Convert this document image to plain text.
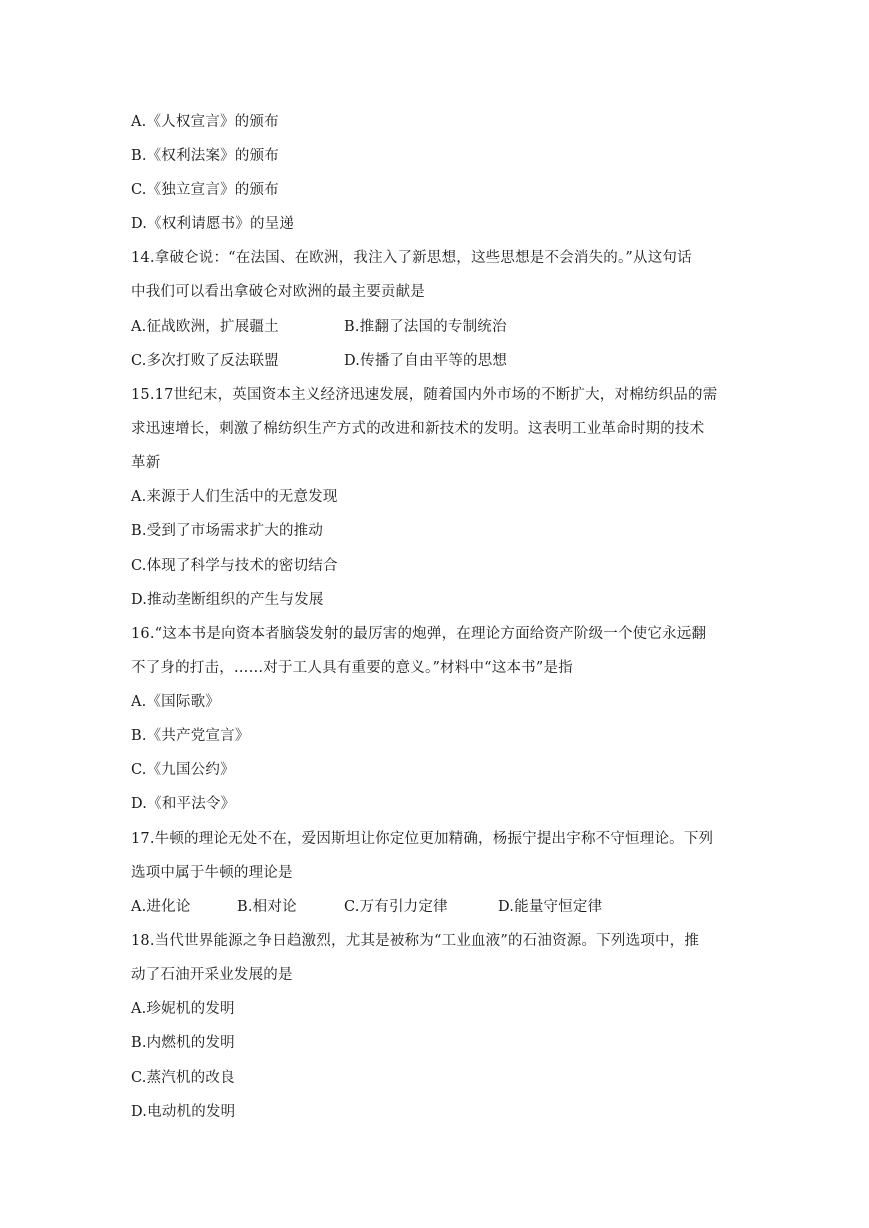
A.《人权宣言》的颁布
B.《权利法案》的颁布
C.《独立宣言》的颁布
D.《权利请愿书》的呈递
14.拿破仑说：“在法国、在欧洲，我注入了新思想，这些思想是不会消失的。”从这句话
中我们可以看出拿破仑对欧洲的最主要贡献是
A.征战欧洲，扩展疆土	B.推翻了法国的专制统治
C.多次打败了反法联盟	D.传播了自由平等的思想
15.17世纪末，英国资本主义经济迅速发展，随着国内外市场的不断扩大，对棉纺织品的需
求迅速增长，刺激了棉纺织生产方式的改进和新技术的发明。这表明工业革命时期的技术
革新
A.来源于人们生活中的无意发现
B.受到了市场需求扩大的推动
C.体现了科学与技术的密切结合
D.推动垄断组织的产生与发展
16.“这本书是向资本者脑袋发射的最厉害的炮弹，在理论方面给资产阶级一个使它永远翻
不了身的打击，……对于工人具有重要的意义。”材料中“这本书”是指
A.《国际歌》
B.《共产党宣言》
C.《九国公约》
D.《和平法令》
17.牛顿的理论无处不在，爱因斯坦让你定位更加精确，杨振宁提出宇称不守恒理论。下列
选项中属于牛顿的理论是
A.进化论	B.相对论	C.万有引力定律	D.能量守恒定律
18.当代世界能源之争日趋激烈，尤其是被称为“工业血液”的石油资源。下列选项中，推
动了石油开采业发展的是
A.珍妮机的发明
B.内燃机的发明
C.蒸汽机的改良
D.电动机的发明
